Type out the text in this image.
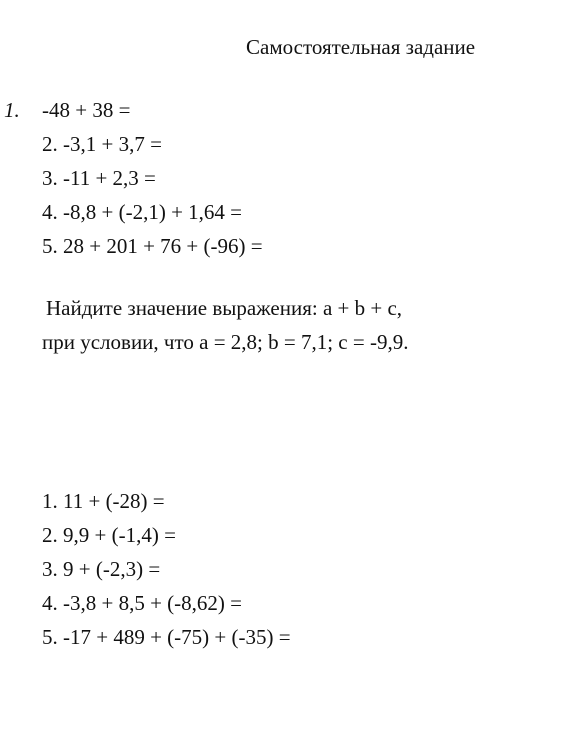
Самостоятельная задание
1. -48 + 38 =
2. -3,1 + 3,7 =
3. -11 + 2,3 =
4. -8,8 + (-2,1) + 1,64 =
5. 28 + 201 + 76 + (-96) =
Найдите значение выражения: a + b + c,
при условии, что a = 2,8; b = 7,1; c = -9,9.
1. 11 + (-28) =
2. 9,9 + (-1,4) =
3. 9 + (-2,3) =
4. -3,8 + 8,5 + (-8,62) =
5. -17 + 489 + (-75) + (-35) =
